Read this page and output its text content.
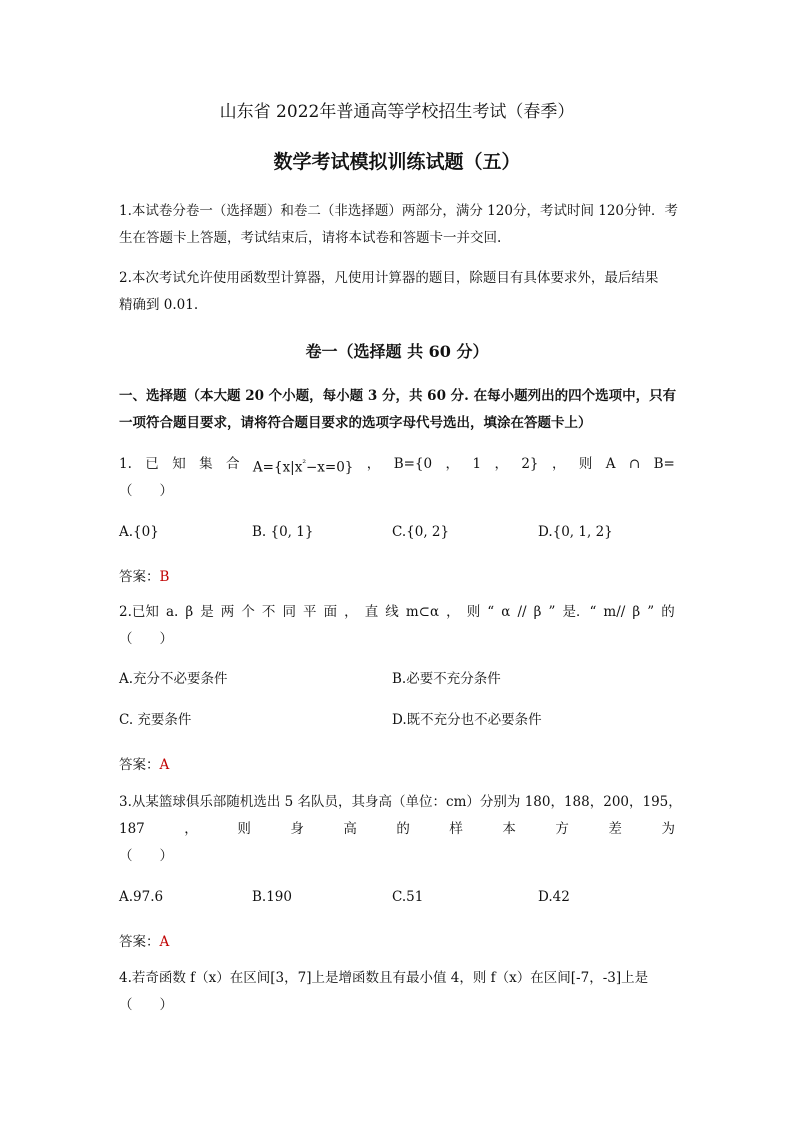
山东省 2022年普通高等学校招生考试（春季）
数学考试模拟训练试题（五）
1.本试卷分卷一（选择题）和卷二（非选择题）两部分，满分 120分，考试时间 120分钟．考
生在答题卡上答题，考试结束后，请将本试卷和答题卡一并交回.
2.本次考试允许使用函数型计算器，凡使用计算器的题目，除题目有具体要求外，最后结果
精确到 0.01.
卷一（选择题 共 60 分）
一、选择题（本大题 20 个小题，每小题 3 分，共 60 分. 在每小题列出的四个选项中，只有
一项符合题目要求，请将符合题目要求的选项字母代号选出，填涂在答题卡上）
1. 已 知 集 合 $A=\{x|x^{^2}-x=0\}$ ， B={0 ， 1 ， 2} ， 则 A ∩ B=
（　　）
A.{0}	B. {0, 1}	C.{0, 2}	D.{0, 1, 2}
答案：B
2.已知 a. β 是 两 个 不 同 平 面 ， 直 线 m⊂α ， 则 “ α // β ” 是．“ m// β ” 的
（　　）
A.充分不必要条件	B.必要不充分条件
C. 充要条件	D.既不充分也不必要条件
答案：A
3.从某篮球俱乐部随机选出 5 名队员，其身高（单位：cm）分别为 180，188，200，195，
187	，	则	身	高	的	样	本	方	差	为
（　　）
A.97.6	B.190	C.51	D.42
答案：A
4.若奇函数 f（x）在区间[3，7]上是增函数且有最小值 4，则 f（x）在区间[-7，-3]上是
（　　）
